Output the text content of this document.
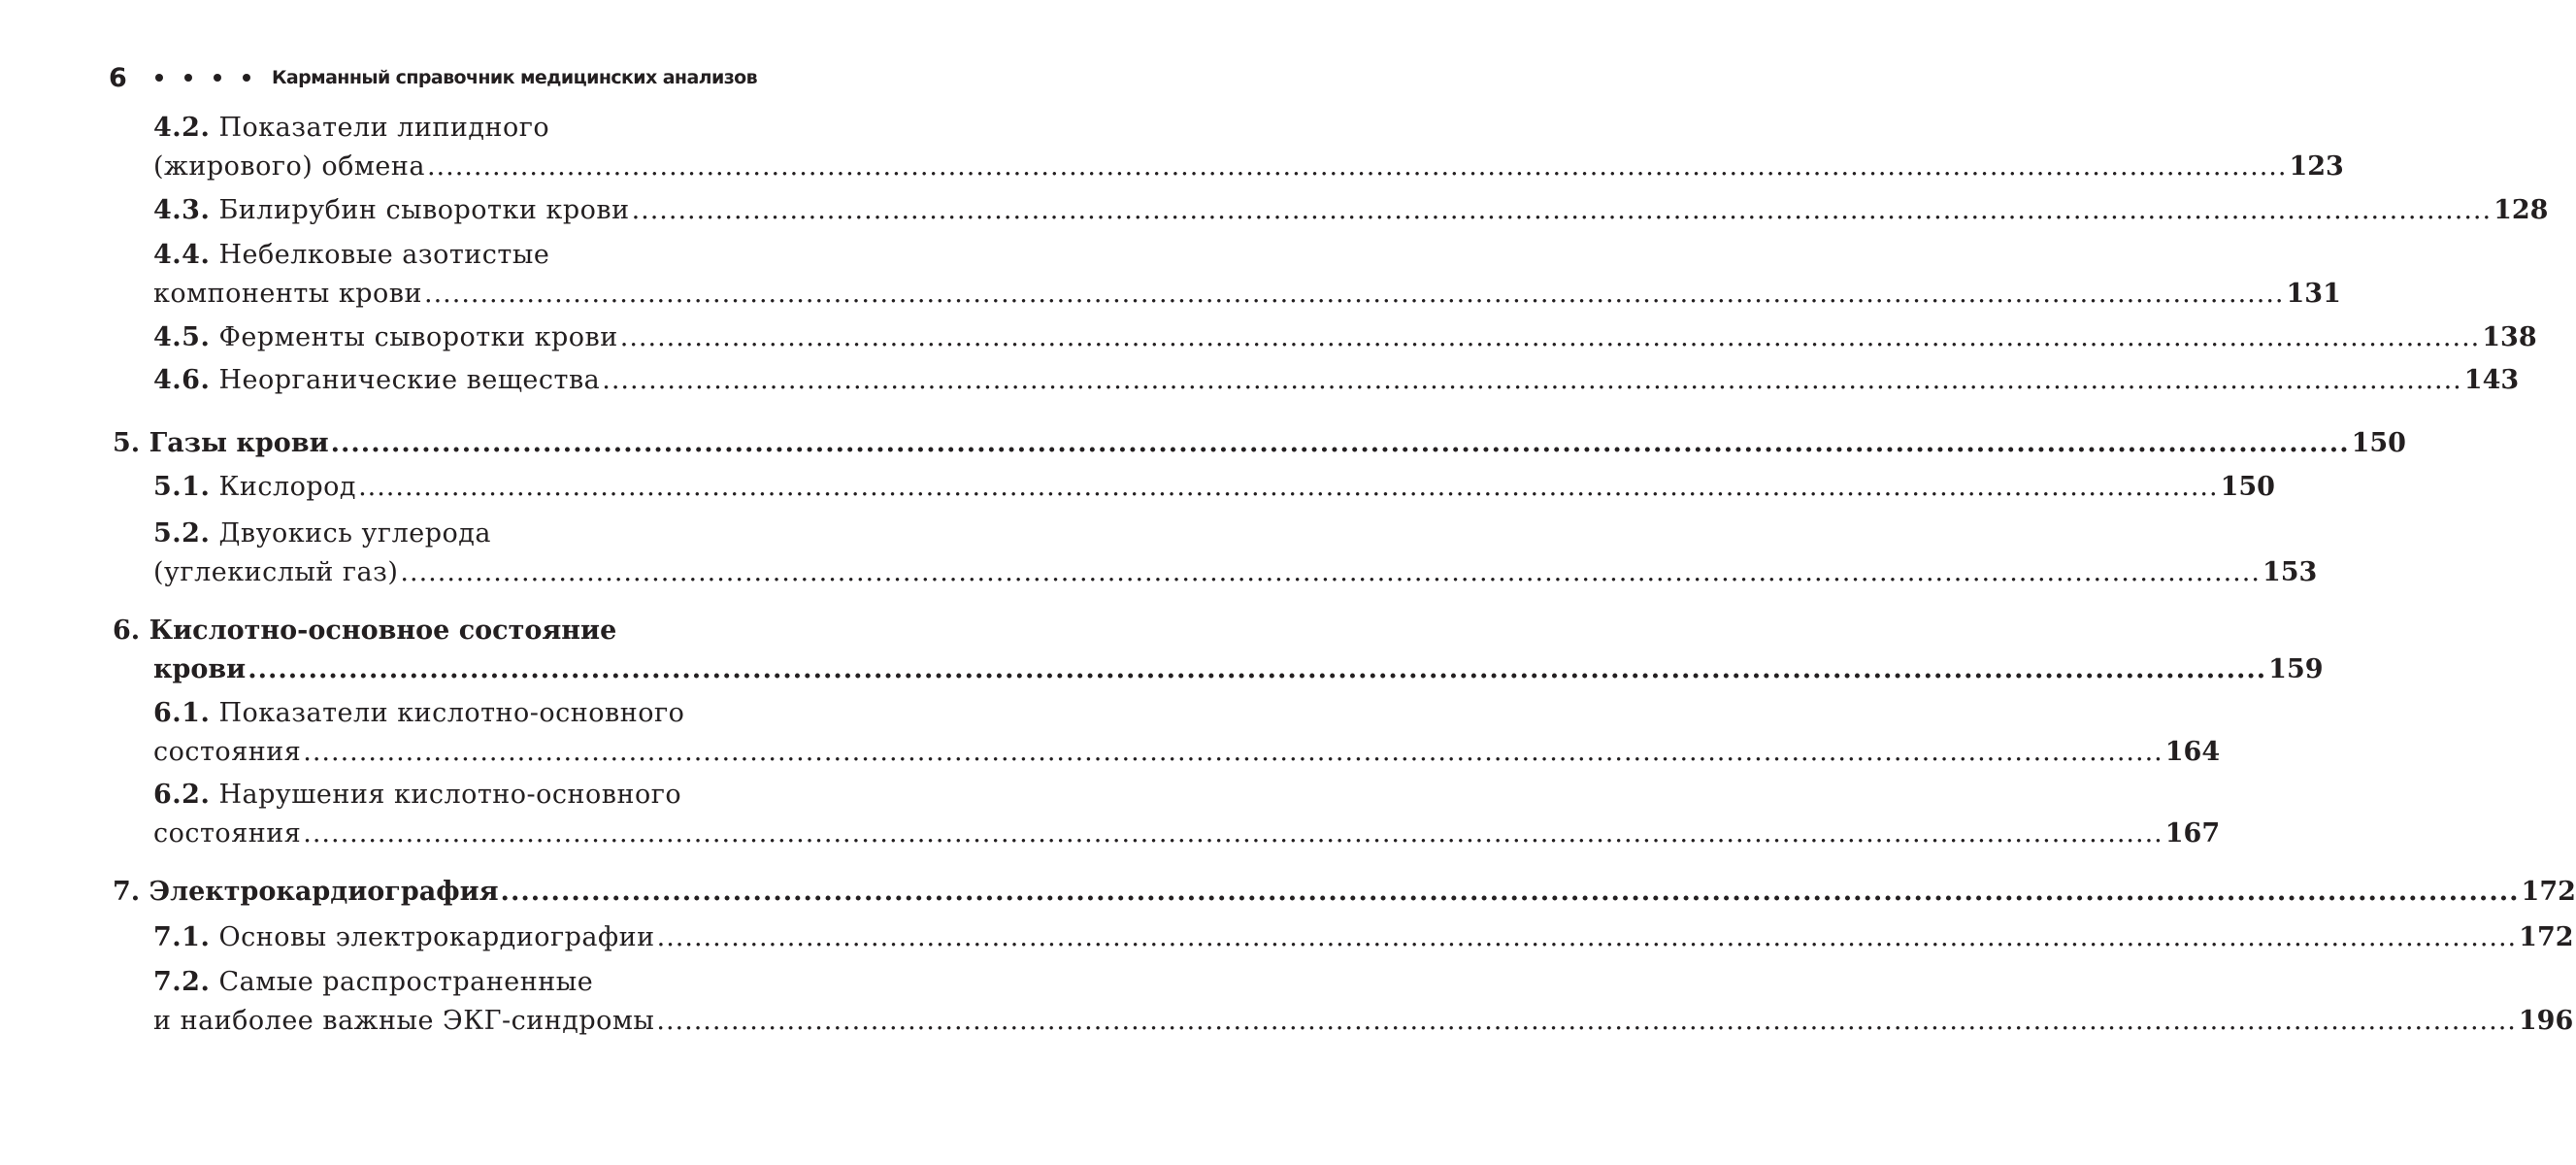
6	Карманный справочник медицинских анализов
4.2. Показатели липидного
(жирового) обмена .....	123
4.3. Билирубин сыворотки крови .....	128
4.4. Небелковые азотистые
компоненты крови .....	131
4.5. Ферменты сыворотки крови .....	138
4.6. Неорганические вещества .....	143
5. Газы крови .....	150
5.1. Кислород .....	150
5.2. Двуокись углерода
(углекислый газ) .....	153
6. Кислотно-основное состояние
крови .....	159
6.1. Показатели кислотно-основного
состояния .....	164
6.2. Нарушения кислотно-основного
состояния .....	167
7. Электрокардиография .....	172
7.1. Основы электрокардиографии .....	172
7.2. Самые распространенные
и наиболее важные ЭКГ-синдромы .....	196
